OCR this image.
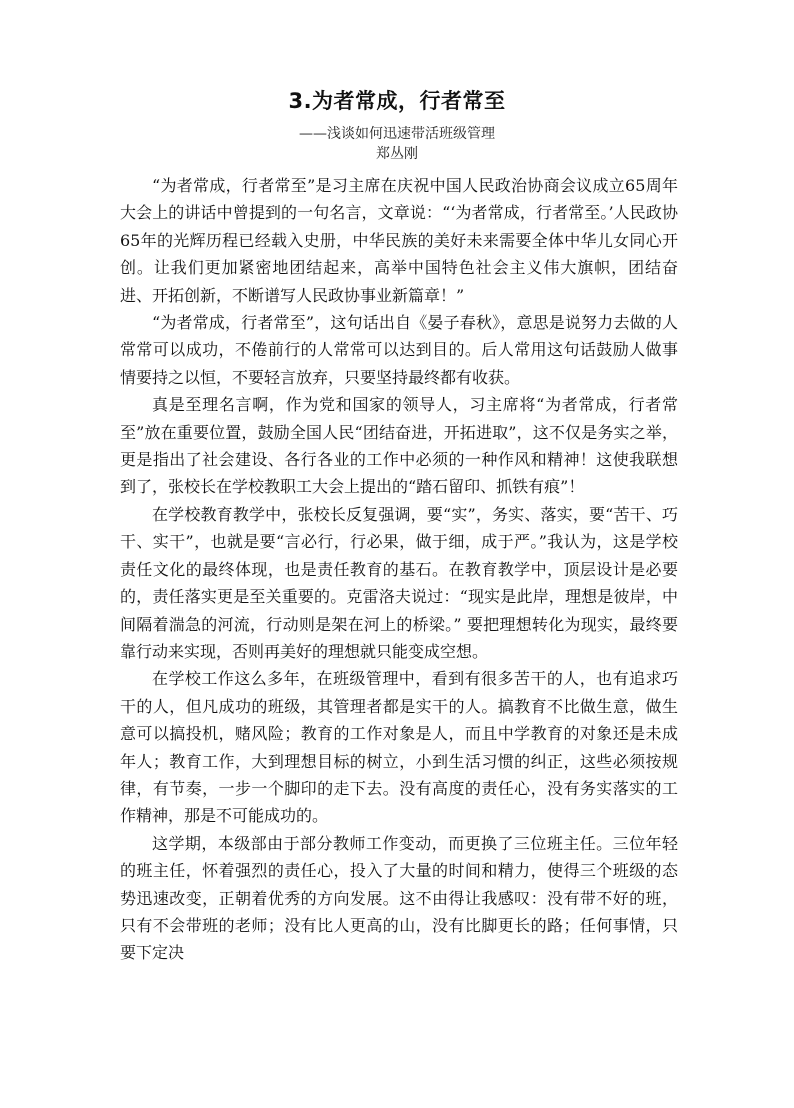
3.为者常成，行者常至
——浅谈如何迅速带活班级管理
郑丛刚

“为者常成，行者常至”是习主席在庆祝中国人民政治协商会议成立65周年大会上的讲话中曾提到的一句名言，文章说：“‘为者常成，行者常至。’人民政协65年的光辉历程已经载入史册，中华民族的美好未来需要全体中华儿女同心开创。让我们更加紧密地团结起来，高举中国特色社会主义伟大旗帜，团结奋进、开拓创新，不断谱写人民政协事业新篇章！”

“为者常成，行者常至”，这句话出自《晏子春秋》，意思是说努力去做的人常常可以成功，不倦前行的人常常可以达到目的。后人常用这句话鼓励人做事情要持之以恒，不要轻言放弃，只要坚持最终都有收获。

真是至理名言啊，作为党和国家的领导人，习主席将“为者常成，行者常至”放在重要位置，鼓励全国人民“团结奋进，开拓进取”，这不仅是务实之举，更是指出了社会建设、各行各业的工作中必须的一种作风和精神！这使我联想到了，张校长在学校教职工大会上提出的“踏石留印、抓铁有痕”！

在学校教育教学中，张校长反复强调，要“实”，务实、落实，要“苦干、巧干、实干”，也就是要“言必行，行必果，做于细，成于严。”我认为，这是学校责任文化的最终体现，也是责任教育的基石。在教育教学中，顶层设计是必要的，责任落实更是至关重要的。克雷洛夫说过：“现实是此岸，理想是彼岸，中间隔着湍急的河流，行动则是架在河上的桥梁。” 要把理想转化为现实，最终要靠行动来实现，否则再美好的理想就只能变成空想。

在学校工作这么多年，在班级管理中，看到有很多苦干的人，也有追求巧干的人，但凡成功的班级，其管理者都是实干的人。搞教育不比做生意，做生意可以搞投机，赌风险；教育的工作对象是人，而且中学教育的对象还是未成年人；教育工作，大到理想目标的树立，小到生活习惯的纠正，这些必须按规律，有节奏，一步一个脚印的走下去。没有高度的责任心，没有务实落实的工作精神，那是不可能成功的。

这学期，本级部由于部分教师工作变动，而更换了三位班主任。三位年轻的班主任，怀着强烈的责任心，投入了大量的时间和精力，使得三个班级的态势迅速改变，正朝着优秀的方向发展。这不由得让我感叹：没有带不好的班，只有不会带班的老师；没有比人更高的山，没有比脚更长的路；任何事情，只要下定决
